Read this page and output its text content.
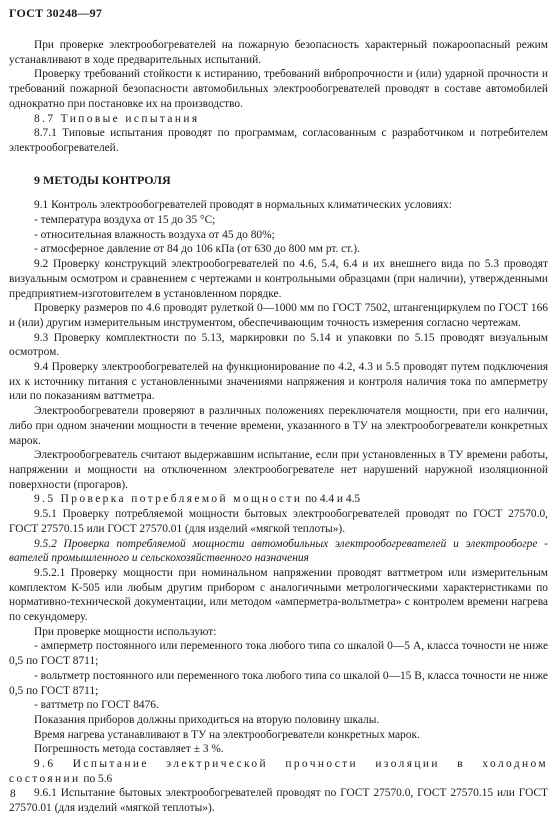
ГОСТ 30248—97

При проверке электрообогревателей на пожарную безопасность характерный пожароопасный режим устанавливают в ходе предварительных испытаний.

Проверку требований стойкости к истиранию, требований вибропрочности и (или) ударной прочности и требований пожарной безопасности автомобильных электрообогревателей проводят в составе автомобилей однократно при постановке их на производство.

8.7 Типовые испытания

8.7.1 Типовые испытания проводят по программам, согласованным с разработчиком и потребителем электрообогревателей.

9 МЕТОДЫ КОНТРОЛЯ

9.1 Контроль электрообогревателей проводят в нормальных климатических условиях:

- температура воздуха от 15 до 35 °С;

- относительная влажность воздуха от 45 до 80%;

- атмосферное давление от 84 до 106 кПа (от 630 до 800 мм рт. ст.).

9.2 Проверку конструкций электрообогревателей по 4.6, 5.4, 6.4 и их внешнего вида по 5.3 проводят визуальным осмотром и сравнением с чертежами и контрольными образцами (при наличии), утвержденными предприятием-изготовителем в установленном порядке.

Проверку размеров по 4.6 проводят рулеткой 0—1000 мм по ГОСТ 7502, штангенциркулем по ГОСТ 166 и (или) другим измерительным инструментом, обеспечивающим точность измерения согласно чертежам.

9.3 Проверку комплектности по 5.13, маркировки по 5.14 и упаковки по 5.15 проводят визуальным осмотром.

9.4 Проверку электрообогревателей на функционирование по 4.2, 4.3 и 5.5 проводят путем подключения их к источнику питания с установленными значениями напряжения и контроля наличия тока по амперметру или по показаниям ваттметра.

Электрообогреватели проверяют в различных положениях переключателя мощности, при его наличии, либо при одном значении мощности в течение времени, указанного в ТУ на электрообогреватели конкретных марок.

Электрообогреватель считают выдержавшим испытание, если при установленных в ТУ времени работы, напряжении и мощности на отключенном электрообогревателе нет нарушений наружной изоляционной поверхности (прогаров).

9.5 Проверка потребляемой мощности по 4.4 и 4.5

9.5.1 Проверку потребляемой мощности бытовых электрообогревателей проводят по ГОСТ 27570.0, ГОСТ 27570.15 или ГОСТ 27570.01 (для изделий «мягкой теплоты»).

9.5.2 Проверка потребляемой мощности автомобильных электрообогревателей и электрообогре - вателей промышленного и сельскохозяйственного назначения

9.5.2.1 Проверку мощности при номинальном напряжении проводят ваттметром или измерительным комплектом К-505 или любым другим прибором с аналогичными метрологическими характеристиками по нормативно-технической документации, или методом «амперметра-вольтметра» с контролем времени нагрева по секундомеру.

При проверке мощности используют:

- амперметр постоянного или переменного тока любого типа со шкалой 0—5 А, класса точности не ниже 0,5 по ГОСТ 8711;

- вольтметр постоянного или переменного тока любого типа со шкалой 0—15 В, класса точности не ниже 0,5 по ГОСТ 8711;

- ваттметр по ГОСТ 8476.

Показания приборов должны приходиться на вторую половину шкалы.

Время нагрева устанавливают в ТУ на электрообогреватели конкретных марок.

Погрешность метода составляет ± 3 %.

9.6 Испытание электрической прочности изоляции в холодном состоянии по 5.6

9.6.1 Испытание бытовых электрообогревателей проводят по ГОСТ 27570.0, ГОСТ 27570.15 или ГОСТ 27570.01 (для изделий «мягкой теплоты»).

8
